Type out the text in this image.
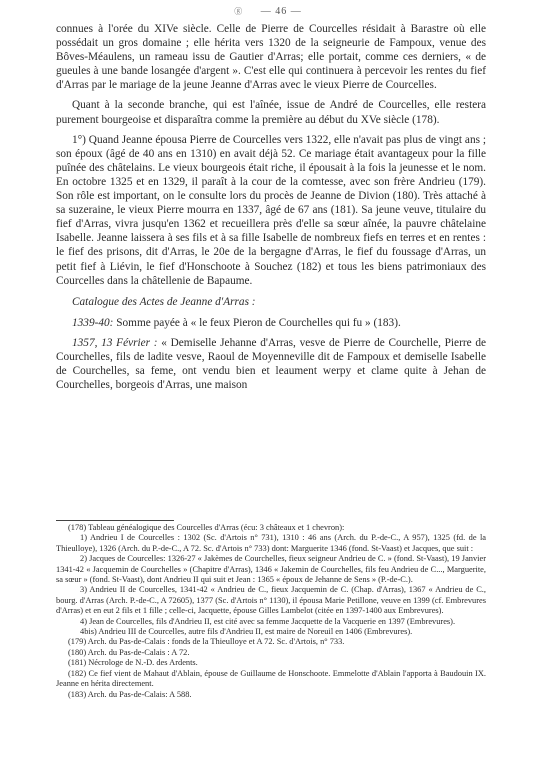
ⓖ — 46 —

connues à l'orée du XIVe siècle. Celle de Pierre de Courcelles résidait à Barastre où elle possédait un gros domaine ; elle hérita vers 1320 de la seigneurie de Fampoux, venue des Bôves-Méaulens, un rameau issu de Gautier d'Arras; elle portait, comme ces derniers, « de gueules à une bande losangée d'argent ». C'est elle qui continuera à percevoir les rentes du fief d'Arras par le mariage de la jeune Jeanne d'Arras avec le vieux Pierre de Courcelles.

Quant à la seconde branche, qui est l'aînée, issue de André de Courcelles, elle restera purement bourgeoise et disparaîtra comme la première au début du XVe siècle (178).

1°) Quand Jeanne épousa Pierre de Courcelles vers 1322, elle n'avait pas plus de vingt ans ; son époux (âgé de 40 ans en 1310) en avait déjà 52. Ce mariage était avantageux pour la fille puînée des châtelains. Le vieux bourgeois était riche, il épousait à la fois la jeunesse et le nom. En octobre 1325 et en 1329, il paraît à la cour de la comtesse, avec son frère Andrieu (179). Son rôle est important, on le consulte lors du procès de Jeanne de Divion (180). Très attaché à sa suzeraine, le vieux Pierre mourra en 1337, âgé de 67 ans (181). Sa jeune veuve, titulaire du fief d'Arras, vivra jusqu'en 1362 et recueillera près d'elle sa sœur aînée, la pauvre châtelaine Isabelle. Jeanne laissera à ses fils et à sa fille Isabelle de nombreux fiefs en terres et en rentes : le fief des prisons, dit d'Arras, le 20e de la bergagne d'Arras, le fief du foussage d'Arras, un petit fief à Liévin, le fief d'Honschoote à Souchez (182) et tous les biens patrimoniaux des Courcelles dans la châtellenie de Bapaume.

Catalogue des Actes de Jeanne d'Arras :

1339-40: Somme payée à « le feux Pieron de Courchelles qui fu » (183).

1357, 13 Février : « Demiselle Jehanne d'Arras, vesve de Pierre de Courchelle, Pierre de Courchelles, fils de ladite vesve, Raoul de Moyenneville dit de Fampoux et demiselle Isabelle de Courchelles, sa feme, ont vendu bien et leaument werpy et clame quite à Jehan de Courchelles, borgeois d'Arras, une maison

(178) Tableau généalogique des Courcelles d'Arras (écu: 3 châteaux et 1 chevron):

1) Andrieu I de Courcelles : 1302 (Sc. d'Artois n° 731), 1310 : 46 ans (Arch. du P.-de-C., A 957), 1325 (fd. de la Thieulloye), 1326 (Arch. du P.-de-C., A 72. Sc. d'Artois n° 733) dont: Marguerite 1346 (fond. St-Vaast) et Jacques, que suit :

2) Jacques de Courcelles: 1326-27 « Jakèmes de Courchelles, fieux seigneur Andrieu de C. » (fond. St-Vaast), 19 Janvier 1341-42 « Jacquemin de Courchelles » (Chapitre d'Arras), 1346 « Jakemin de Courchelles, fils feu Andrieu de C..., Marguerite, sa sœur » (fond. St-Vaast), dont Andrieu II qui suit et Jean : 1365 « époux de Jehanne de Sens » (P.-de-C.).

3) Andrieu II de Courcelles, 1341-42 « Andrieu de C., fieux Jacquemin de C. (Chap. d'Arras), 1367 « Andrieu de C., bourg. d'Arras (Arch. P.-de-C., A 72605), 1377 (Sc. d'Artois n° 1130), il épousa Marie Petillone, veuve en 1399 (cf. Embrevures d'Arras) et en eut 2 fils et 1 fille ; celle-ci, Jacquette, épouse Gilles Lambelot (citée en 1397-1400 aux Embrevures).

4) Jean de Courcelles, fils d'Andrieu II, est cité avec sa femme Jacquette de la Vacquerie en 1397 (Embrevures).

4bis) Andrieu III de Courcelles, autre fils d'Andrieu II, est maire de Noreuil en 1406 (Embrevures).

(179) Arch. du Pas-de-Calais : fonds de la Thieulloye et A 72. Sc. d'Artois, n° 733.

(180) Arch. du Pas-de-Calais : A 72.

(181) Nécrologe de N.-D. des Ardents.

(182) Ce fief vient de Mahaut d'Ablain, épouse de Guillaume de Honschoote. Emmelotte d'Ablain l'apporta à Baudouin IX. Jeanne en hérita directement.

(183) Arch. du Pas-de-Calais: A 588.
